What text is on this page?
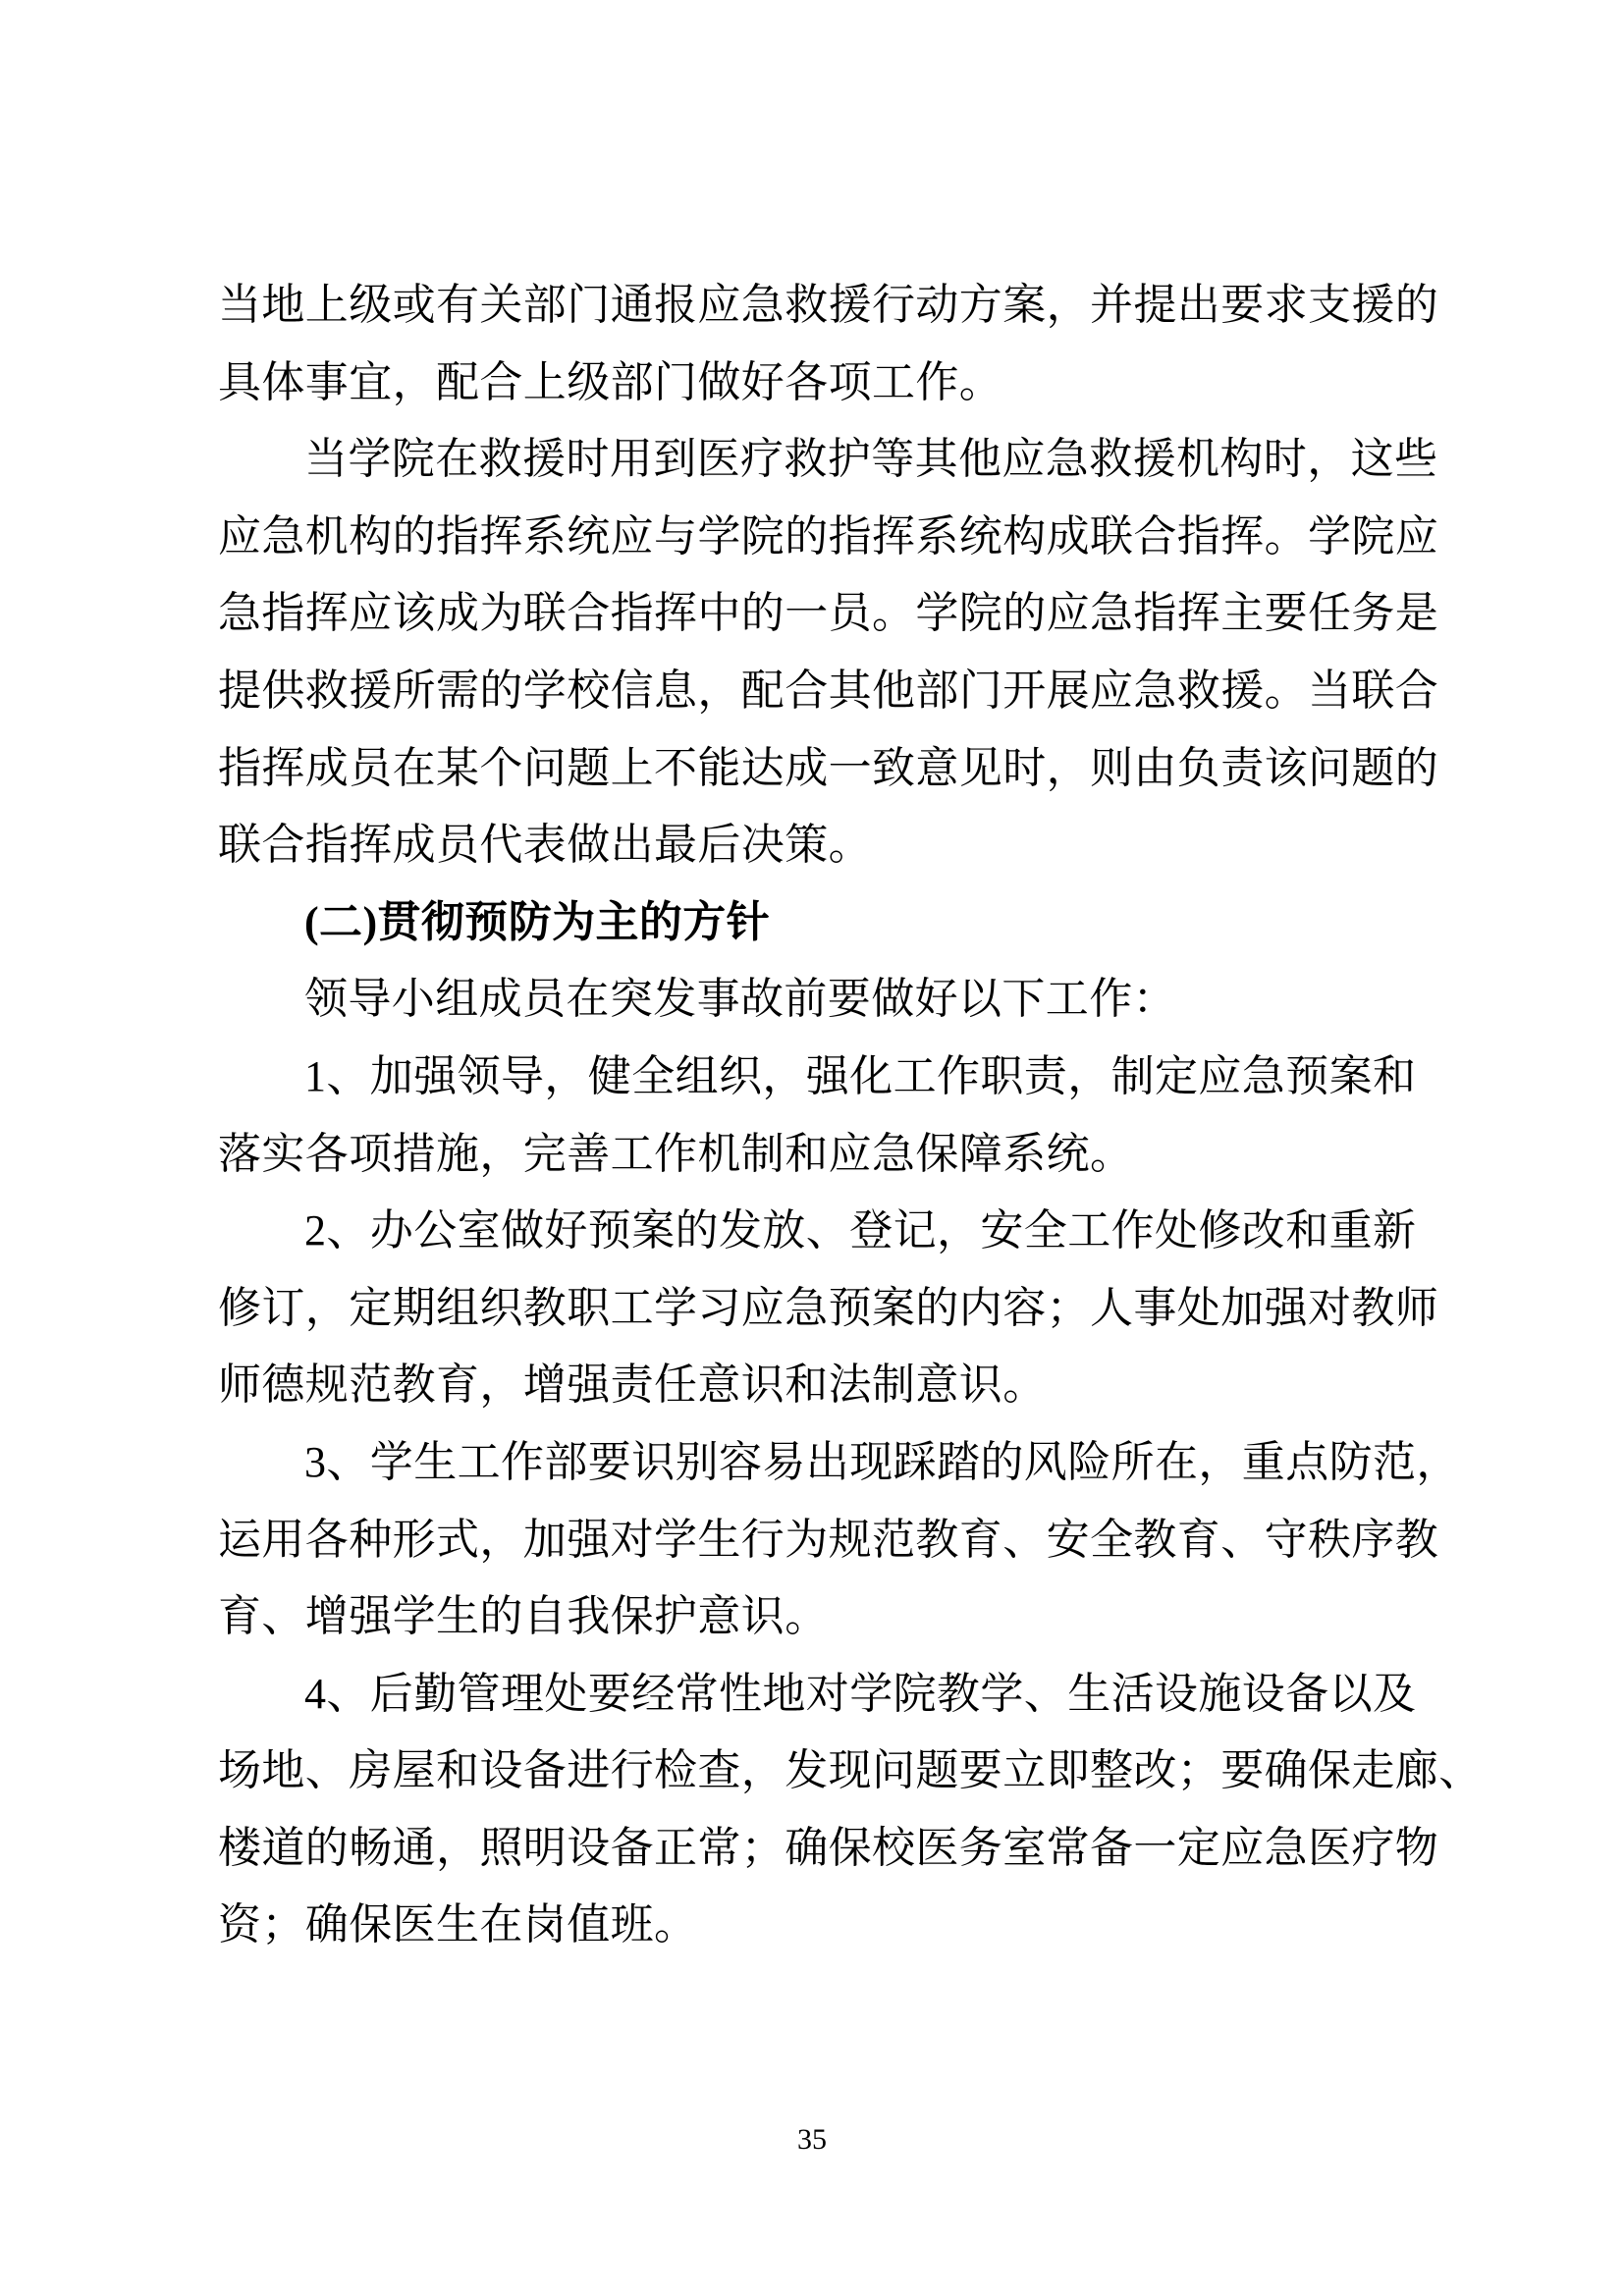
当地上级或有关部门通报应急救援行动方案，并提出要求支援的
具体事宜，配合上级部门做好各项工作。
当学院在救援时用到医疗救护等其他应急救援机构时，这些
应急机构的指挥系统应与学院的指挥系统构成联合指挥。学院应
急指挥应该成为联合指挥中的一员。学院的应急指挥主要任务是
提供救援所需的学校信息，配合其他部门开展应急救援。当联合
指挥成员在某个问题上不能达成一致意见时，则由负责该问题的
联合指挥成员代表做出最后决策。
(二)贯彻预防为主的方针
领导小组成员在突发事故前要做好以下工作：
1、加强领导，健全组织，强化工作职责，制定应急预案和
落实各项措施，完善工作机制和应急保障系统。
2、办公室做好预案的发放、登记，安全工作处修改和重新
修订，定期组织教职工学习应急预案的内容；人事处加强对教师
师德规范教育，增强责任意识和法制意识。
3、学生工作部要识别容易出现踩踏的风险所在，重点防范，
运用各种形式，加强对学生行为规范教育、安全教育、守秩序教
育、增强学生的自我保护意识。
4、后勤管理处要经常性地对学院教学、生活设施设备以及
场地、房屋和设备进行检查，发现问题要立即整改；要确保走廊、
楼道的畅通，照明设备正常；确保校医务室常备一定应急医疗物
资；确保医生在岗值班。
35
